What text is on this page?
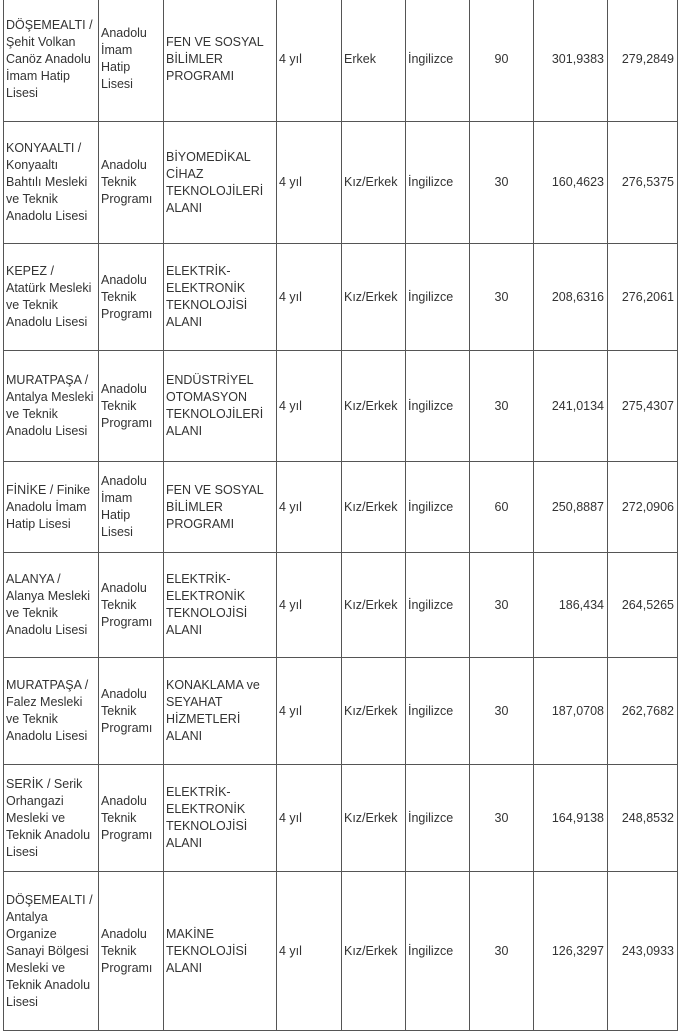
DÖŞEMEALTI / Şehit Volkan Canöz Anadolu İmam Hatip Lisesi	Anadolu İmam Hatip Lisesi	FEN VE SOSYAL BİLİMLER PROGRAMI	4 yıl	Erkek	İngilizce	90	301,9383	279,2849
KONYAALTI / Konyaaltı Bahtılı Mesleki ve Teknik Anadolu Lisesi	Anadolu Teknik Programı	BİYOMEDİKAL CİHAZ TEKNOLOJİLERİ ALANI	4 yıl	Kız/Erkek	İngilizce	30	160,4623	276,5375
KEPEZ / Atatürk Mesleki ve Teknik Anadolu Lisesi	Anadolu Teknik Programı	ELEKTRİK-ELEKTRONİK TEKNOLOJİSİ ALANI	4 yıl	Kız/Erkek	İngilizce	30	208,6316	276,2061
MURATPAŞA / Antalya Mesleki ve Teknik Anadolu Lisesi	Anadolu Teknik Programı	ENDÜSTRİYEL OTOMASYON TEKNOLOJİLERİ ALANI	4 yıl	Kız/Erkek	İngilizce	30	241,0134	275,4307
FİNİKE / Finike Anadolu İmam Hatip Lisesi	Anadolu İmam Hatip Lisesi	FEN VE SOSYAL BİLİMLER PROGRAMI	4 yıl	Kız/Erkek	İngilizce	60	250,8887	272,0906
ALANYA / Alanya Mesleki ve Teknik Anadolu Lisesi	Anadolu Teknik Programı	ELEKTRİK-ELEKTRONİK TEKNOLOJİSİ ALANI	4 yıl	Kız/Erkek	İngilizce	30	186,434	264,5265
MURATPAŞA / Falez Mesleki ve Teknik Anadolu Lisesi	Anadolu Teknik Programı	KONAKLAMA ve SEYAHAT HİZMETLERİ ALANI	4 yıl	Kız/Erkek	İngilizce	30	187,0708	262,7682
SERİK / Serik Orhangazi Mesleki ve Teknik Anadolu Lisesi	Anadolu Teknik Programı	ELEKTRİK-ELEKTRONİK TEKNOLOJİSİ ALANI	4 yıl	Kız/Erkek	İngilizce	30	164,9138	248,8532
DÖŞEMEALTI / Antalya Organize Sanayi Bölgesi Mesleki ve Teknik Anadolu Lisesi	Anadolu Teknik Programı	MAKİNE TEKNOLOJİSİ ALANI	4 yıl	Kız/Erkek	İngilizce	30	126,3297	243,0933
